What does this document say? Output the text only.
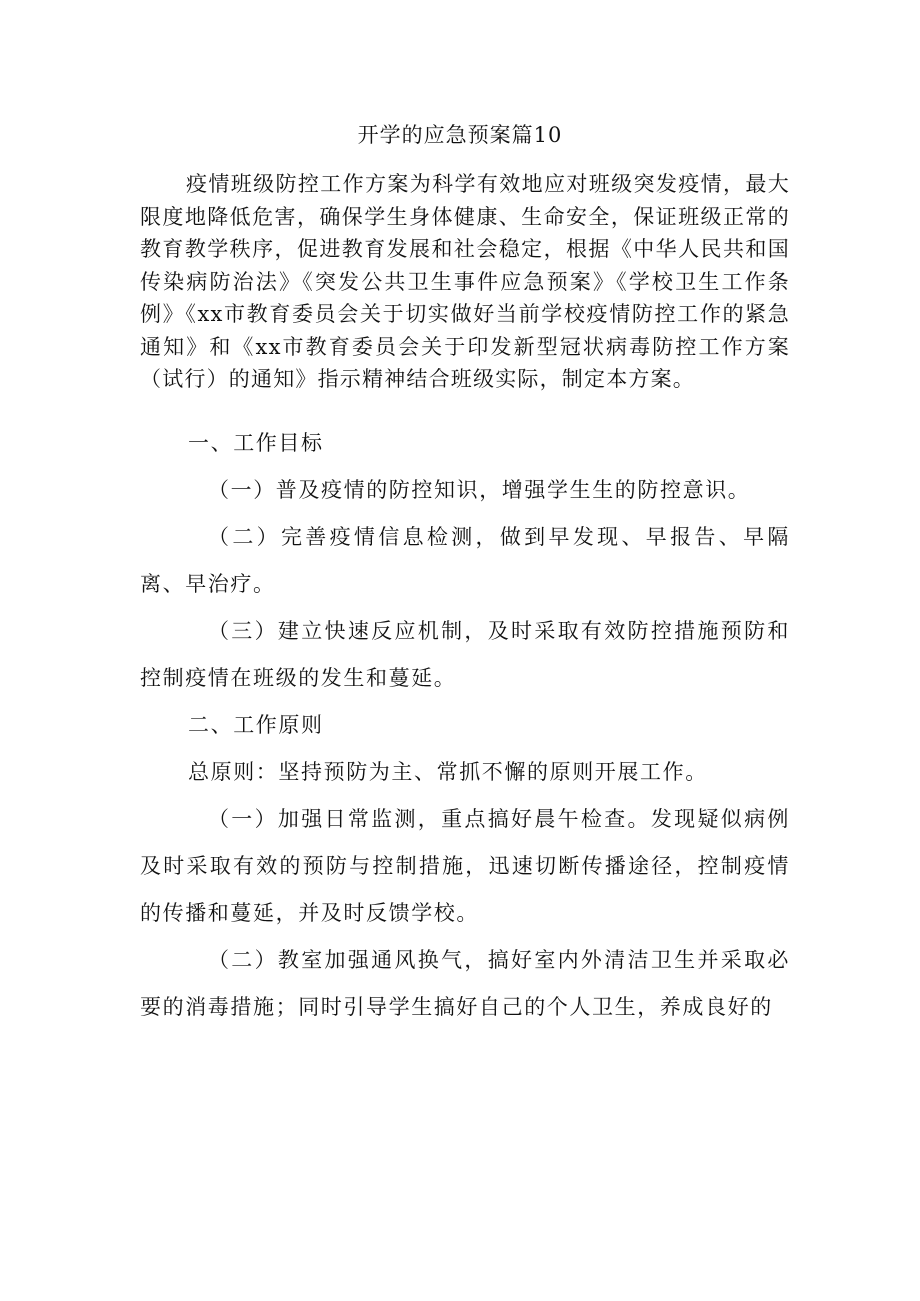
开学的应急预案篇10

疫情班级防控工作方案为科学有效地应对班级突发疫情，最大限度地降低危害，确保学生身体健康、生命安全，保证班级正常的教育教学秩序，促进教育发展和社会稳定，根据《中华人民共和国传染病防治法》《突发公共卫生事件应急预案》《学校卫生工作条例》《xx市教育委员会关于切实做好当前学校疫情防控工作的紧急通知》和《xx市教育委员会关于印发新型冠状病毒防控工作方案（试行）的通知》指示精神结合班级实际，制定本方案。

一、工作目标

（一）普及疫情的防控知识，增强学生生的防控意识。

（二）完善疫情信息检测，做到早发现、早报告、早隔离、早治疗。

（三）建立快速反应机制，及时采取有效防控措施预防和控制疫情在班级的发生和蔓延。

二、工作原则

总原则：坚持预防为主、常抓不懈的原则开展工作。

（一）加强日常监测，重点搞好晨午检查。发现疑似病例及时采取有效的预防与控制措施，迅速切断传播途径，控制疫情的传播和蔓延，并及时反馈学校。

（二）教室加强通风换气，搞好室内外清洁卫生并采取必要的消毒措施；同时引导学生搞好自己的个人卫生，养成良好的
